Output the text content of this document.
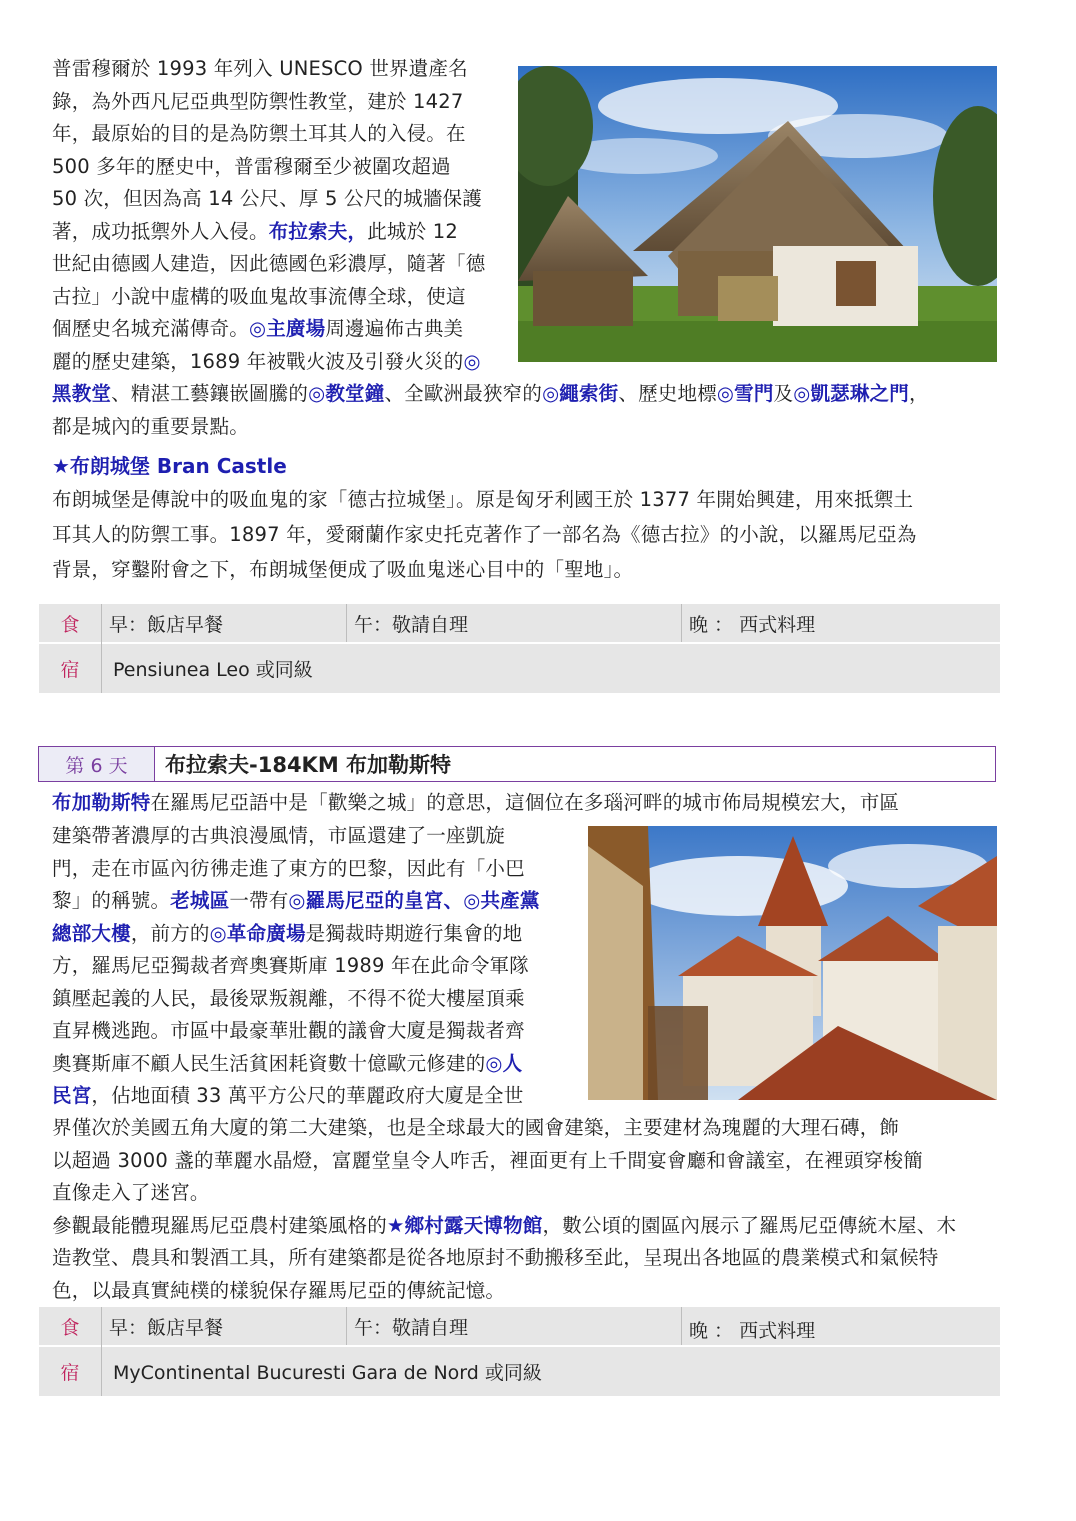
普雷穆爾於 1993 年列入 UNESCO 世界遺產名
錄，為外西凡尼亞典型防禦性教堂，建於 1427
年，最原始的目的是為防禦土耳其人的入侵。在
500 多年的歷史中，普雷穆爾至少被圍攻超過
50 次，但因為高 14 公尺、厚 5 公尺的城牆保護
著，成功抵禦外人入侵。布拉索夫，此城於 12
世紀由德國人建造，因此德國色彩濃厚，隨著「德
古拉」小說中虛構的吸血鬼故事流傳全球，使這
個歷史名城充滿傳奇。◎主廣場周邊遍佈古典美
麗的歷史建築，1689 年被戰火波及引發火災的◎
黑教堂、精湛工藝鑲嵌圖騰的◎教堂鐘、全歐洲最狹窄的◎繩索街、歷史地標◎雪門及◎凱瑟琳之門，
都是城內的重要景點。
★布朗城堡 Bran Castle
布朗城堡是傳說中的吸血鬼的家「德古拉城堡」。原是匈牙利國王於 1377 年開始興建，用來抵禦土
耳其人的防禦工事。1897 年，愛爾蘭作家史托克著作了一部名為《德古拉》的小說，以羅馬尼亞為
背景，穿鑿附會之下，布朗城堡便成了吸血鬼迷心目中的「聖地」。
食	早：飯店早餐	午：敬請自理	晚 ： 西式料理
宿	Pensiunea Leo 或同級
第 6 天	布拉索夫-184KM 布加勒斯特
布加勒斯特在羅馬尼亞語中是「歡樂之城」的意思，這個位在多瑙河畔的城市佈局規模宏大，市區
建築帶著濃厚的古典浪漫風情，市區還建了一座凱旋
門，走在市區內彷彿走進了東方的巴黎，因此有「小巴
黎」的稱號。老城區一帶有◎羅馬尼亞的皇宮、◎共產黨
總部大樓，前方的◎革命廣場是獨裁時期遊行集會的地
方，羅馬尼亞獨裁者齊奧賽斯庫 1989 年在此命令軍隊
鎮壓起義的人民，最後眾叛親離，不得不從大樓屋頂乘
直昇機逃跑。市區中最豪華壯觀的議會大廈是獨裁者齊
奧賽斯庫不顧人民生活貧困耗資數十億歐元修建的◎人
民宮，佔地面積 33 萬平方公尺的華麗政府大廈是全世
界僅次於美國五角大廈的第二大建築，也是全球最大的國會建築，主要建材為瑰麗的大理石磚，飾
以超過 3000 盞的華麗水晶燈，富麗堂皇令人咋舌，裡面更有上千間宴會廳和會議室，在裡頭穿梭簡
直像走入了迷宮。
參觀最能體現羅馬尼亞農村建築風格的★鄉村露天博物館，數公頃的園區內展示了羅馬尼亞傳統木屋、木
造教堂、農具和製酒工具，所有建築都是從各地原封不動搬移至此，呈現出各地區的農業模式和氣候特
色，以最真實純樸的樣貌保存羅馬尼亞的傳統記憶。
食	早：飯店早餐	午：敬請自理	晚 ： 西式料理
宿	MyContinental Bucuresti Gara de Nord 或同級
